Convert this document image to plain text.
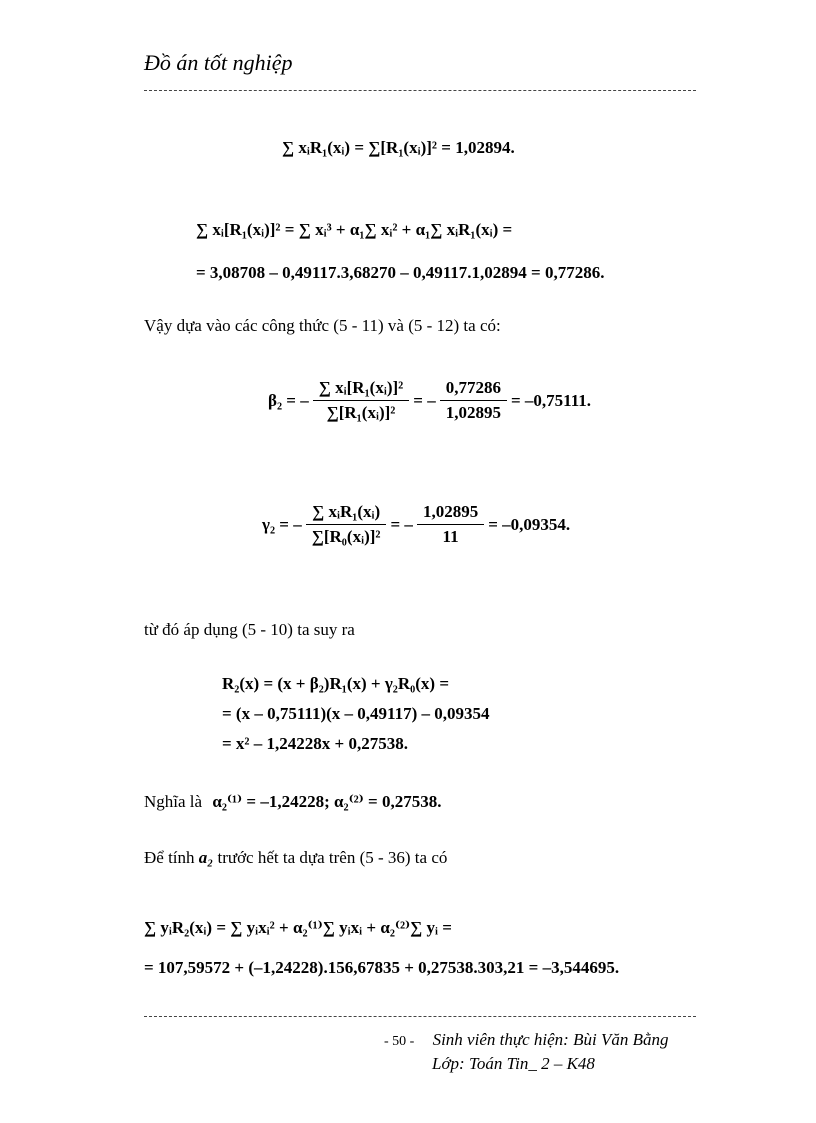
Đồ án tốt nghiệp
∑ xᵢR₁(xᵢ) = ∑[R₁(xᵢ)]² = 1,02894.
∑ xᵢ[R₁(xᵢ)]² = ∑ xᵢ³ + α₁∑ xᵢ² + α₁∑ xᵢR₁(xᵢ) =
= 3,08708 – 0,49117.3,68270 – 0,49117.1,02894 = 0,77286.
Vậy dựa vào các công thức (5 - 11) và (5 - 12) ta có:
β₂ = – $\frac{\text{∑ xᵢ[R₁(xᵢ)]²}}{\text{∑[R₁(xᵢ)]²}}$ = – $\frac{0,77286}{1,02895} = -0,75111$.
γ₂ = – $\frac{\text{∑ xᵢR₁(xᵢ)}}{\text{∑[R₀(xᵢ)]²}}$ = – $\frac{1,02895}{11} = -0,09354$.
từ đó áp dụng (5 - 10) ta suy ra
R₂(x) = (x + β₂)R₁(x) + γ₂R₀(x) =
= (x – 0,75111)(x – 0,49117) – 0,09354
= x² – 1,24228x + 0,27538.
Nghĩa là α₂⁽¹⁾ = –1,24228; α₂⁽²⁾ = 0,27538.
Để tính a₂ trước hết ta dựa trên (5 - 36) ta có
∑ yᵢR₂(xᵢ) = ∑ yᵢxᵢ² + α₂⁽¹⁾∑ yᵢxᵢ + α₂⁽²⁾∑ yᵢ =
= 107,59572 + (–1,24228).156,67835 + 0,27538.303,21 = –3,544695.
- 50 - Sinh viên thực hiện: Bùi Văn Bằng
Lớp: Toán Tin_ 2 – K48
